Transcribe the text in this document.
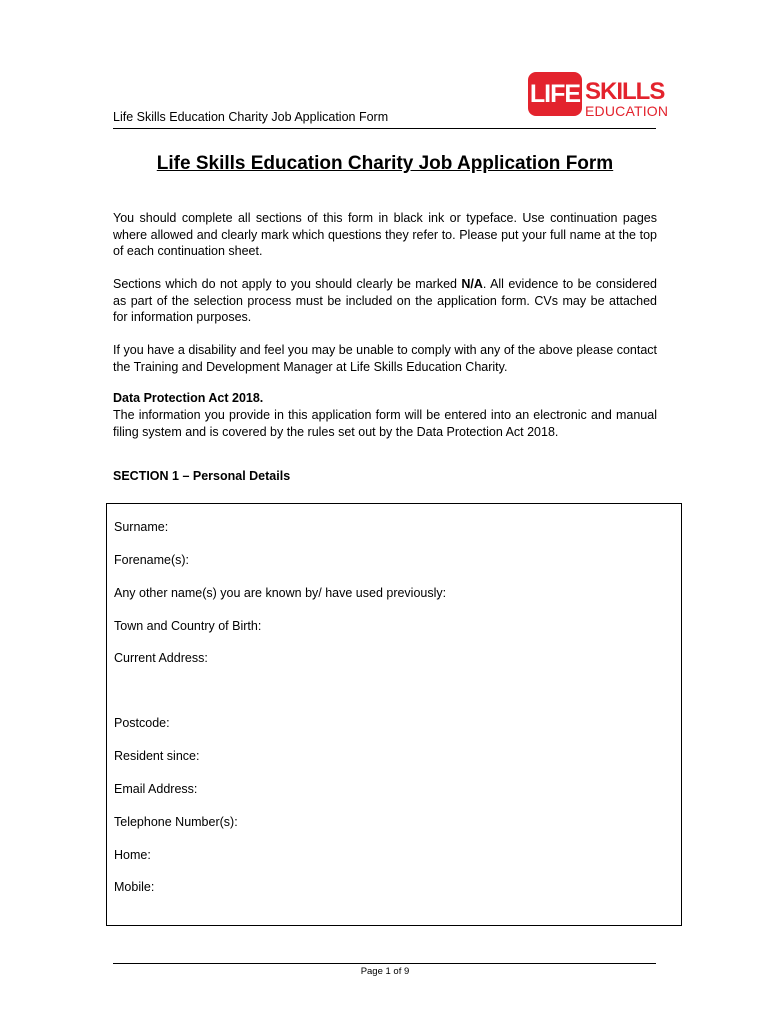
Life Skills Education Charity Job Application Form
LIFE SKILLS
EDUCATION
Life Skills Education Charity Job Application Form

You should complete all sections of this form in black ink or typeface. Use continuation pages where allowed and clearly mark which questions they refer to. Please put your full name at the top of each continuation sheet.

Sections which do not apply to you should clearly be marked N/A. All evidence to be considered as part of the selection process must be included on the application form. CVs may be attached for information purposes.

If you have a disability and feel you may be unable to comply with any of the above please contact the Training and Development Manager at Life Skills Education Charity.

Data Protection Act 2018.

The information you provide in this application form will be entered into an electronic and manual filing system and is covered by the rules set out by the Data Protection Act 2018.

SECTION 1 – Personal Details
Surname:
Forename(s):
Any other name(s) you are known by/ have used previously:
Town and Country of Birth:
Current Address:
Postcode:
Resident since:
Email Address:
Telephone Number(s):
Home:
Mobile:
Page 1 of 9
